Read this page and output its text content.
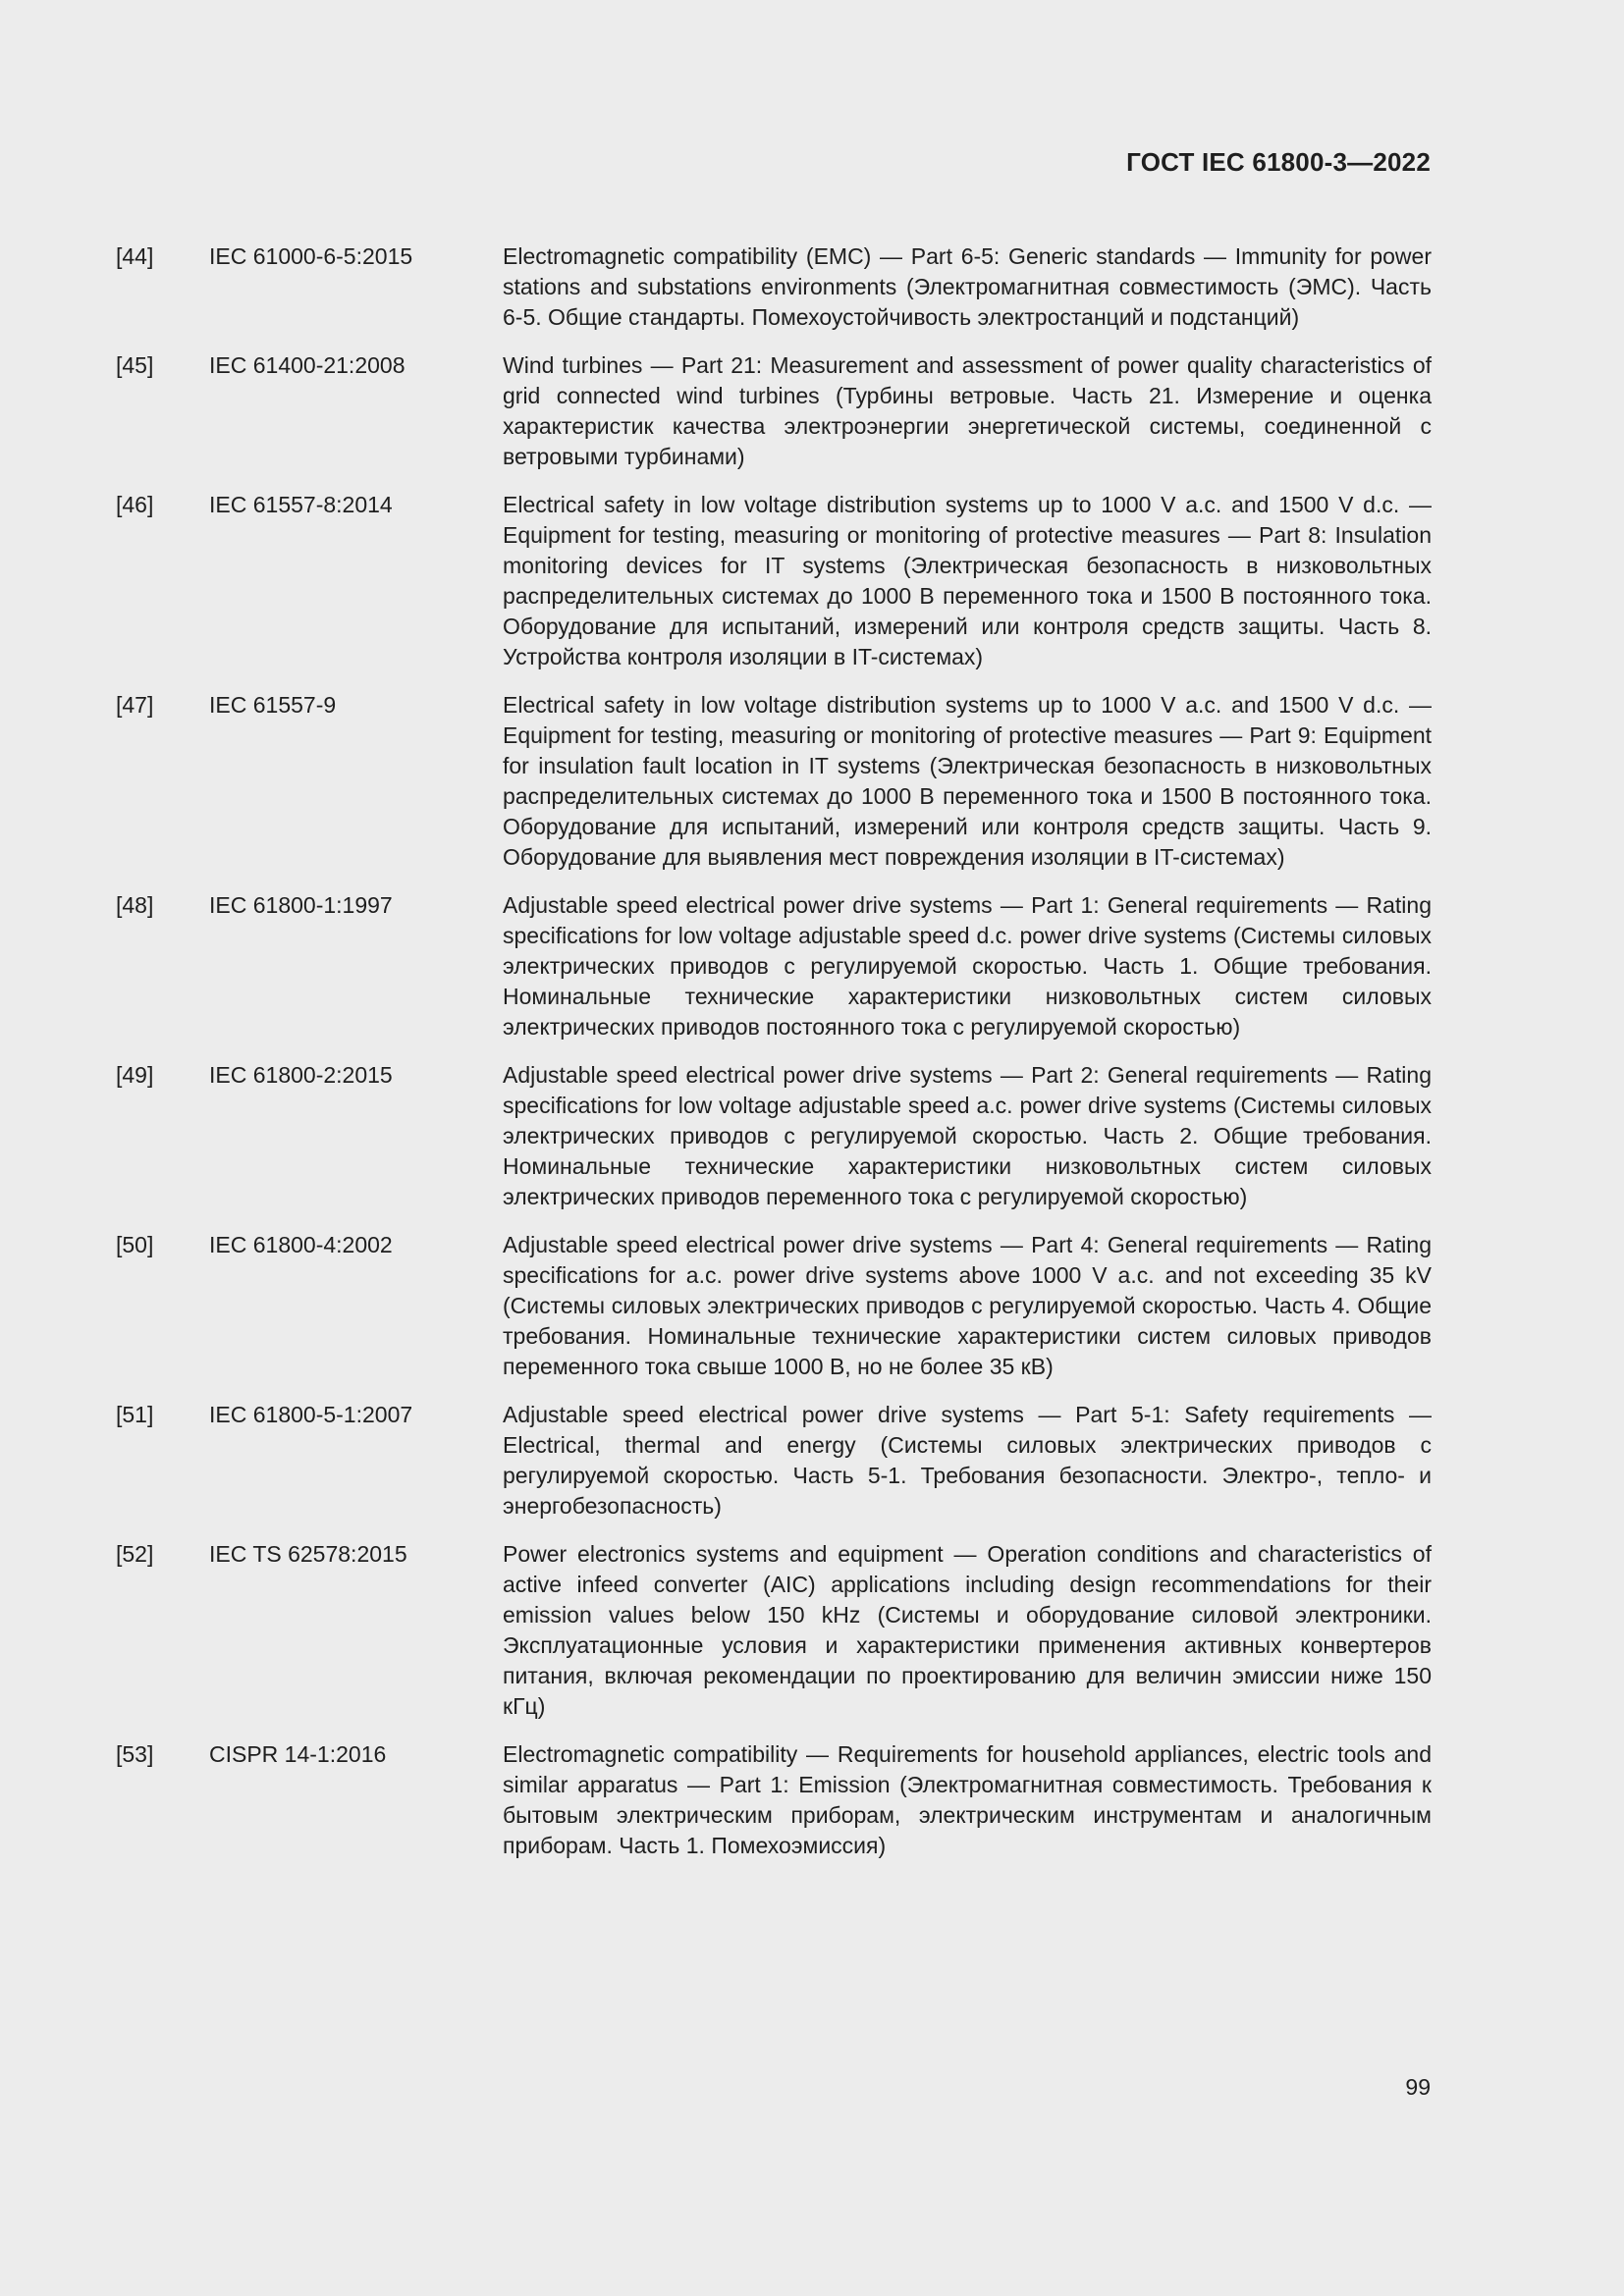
ГОСТ IEC 61800-3—2022
[44] IEC 61000-6-5:2015	Electromagnetic compatibility (EMC) — Part 6-5: Generic standards — Immunity for power stations and substations environments (Электромагнитная совместимость (ЭМС). Часть 6-5. Общие стандарты. Помехоустойчивость электростанций и подстанций)
[45] IEC 61400-21:2008	Wind turbines — Part 21: Measurement and assessment of power quality characteristics of grid connected wind turbines (Турбины ветровые. Часть 21. Измерение и оценка характеристик качества электроэнергии энергетической системы, соединенной с ветровыми турбинами)
[46] IEC 61557-8:2014	Electrical safety in low voltage distribution systems up to 1000 V a.c. and 1500 V d.c. — Equipment for testing, measuring or monitoring of protective measures — Part 8: Insulation monitoring devices for IT systems (Электрическая безопасность в низковольтных распределительных системах до 1000 В переменного тока и 1500 В постоянного тока. Оборудование для испытаний, измерений или контроля средств защиты. Часть 8. Устройства контроля изоляции в IT-системах)
[47] IEC 61557-9	Electrical safety in low voltage distribution systems up to 1000 V a.c. and 1500 V d.c. — Equipment for testing, measuring or monitoring of protective measures — Part 9: Equipment for insulation fault location in IT systems (Электрическая безопасность в низковольтных распределительных системах до 1000 В переменного тока и 1500 В постоянного тока. Оборудование для испытаний, измерений или контроля средств защиты. Часть 9. Оборудование для выявления мест повреждения изоляции в IT-системах)
[48] IEC 61800-1:1997	Adjustable speed electrical power drive systems — Part 1: General requirements — Rating specifications for low voltage adjustable speed d.c. power drive systems (Системы силовых электрических приводов с регулируемой скоростью. Часть 1. Общие требования. Номинальные технические характеристики низковольтных систем силовых электрических приводов постоянного тока с регулируемой скоростью)
[49] IEC 61800-2:2015	Adjustable speed electrical power drive systems — Part 2: General requirements — Rating specifications for low voltage adjustable speed a.c. power drive systems (Системы силовых электрических приводов с регулируемой скоростью. Часть 2. Общие требования. Номинальные технические характеристики низковольтных систем силовых электрических приводов переменного тока с регулируемой скоростью)
[50] IEC 61800-4:2002	Adjustable speed electrical power drive systems — Part 4: General requirements — Rating specifications for a.c. power drive systems above 1000 V a.c. and not exceeding 35 kV (Системы силовых электрических приводов с регулируемой скоростью. Часть 4. Общие требования. Номинальные технические характеристики систем силовых приводов переменного тока свыше 1000 В, но не более 35 кВ)
[51] IEC 61800-5-1:2007	Adjustable speed electrical power drive systems — Part 5-1: Safety requirements — Electrical, thermal and energy (Системы силовых электрических приводов с регулируемой скоростью. Часть 5-1. Требования безопасности. Электро-, тепло- и энергобезопасность)
[52] IEC TS 62578:2015	Power electronics systems and equipment — Operation conditions and characteristics of active infeed converter (AIC) applications including design recommendations for their emission values below 150 kHz (Системы и оборудование силовой электроники. Эксплуатационные условия и характеристики применения активных конвертеров питания, включая рекомендации по проектированию для величин эмиссии ниже 150 кГц)
[53] CISPR 14-1:2016	Electromagnetic compatibility — Requirements for household appliances, electric tools and similar apparatus — Part 1: Emission (Электромагнитная совместимость. Требования к бытовым электрическим приборам, электрическим инструментам и аналогичным приборам. Часть 1. Помехоэмиссия)
99
